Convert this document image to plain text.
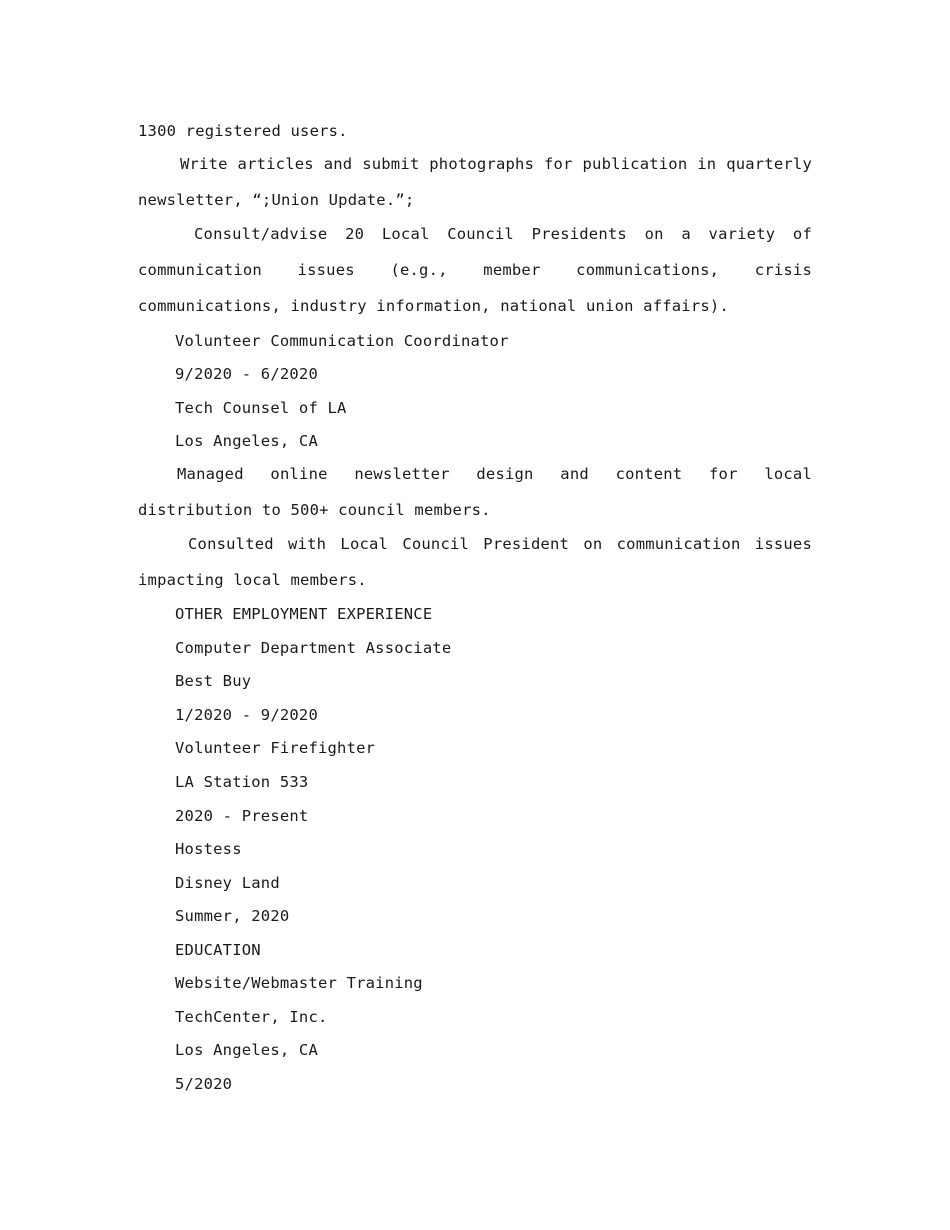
1300 registered users.

Write articles and submit photographs for publication in quarterly newsletter, “;Union Update.”;

Consult/advise 20 Local Council Presidents on a variety of communication issues (e.g., member communications, crisis communications, industry information, national union affairs).

Volunteer Communication Coordinator
9/2020 - 6/2020
Tech Counsel of LA
Los Angeles, CA

Managed online newsletter design and content for local distribution to 500+ council members.

Consulted with Local Council President on communication issues impacting local members.

OTHER EMPLOYMENT EXPERIENCE
Computer Department Associate
Best Buy
1/2020 - 9/2020
Volunteer Firefighter
LA Station 533
2020 - Present
Hostess
Disney Land
Summer, 2020
EDUCATION
Website/Webmaster Training
TechCenter, Inc.
Los Angeles, CA
5/2020
